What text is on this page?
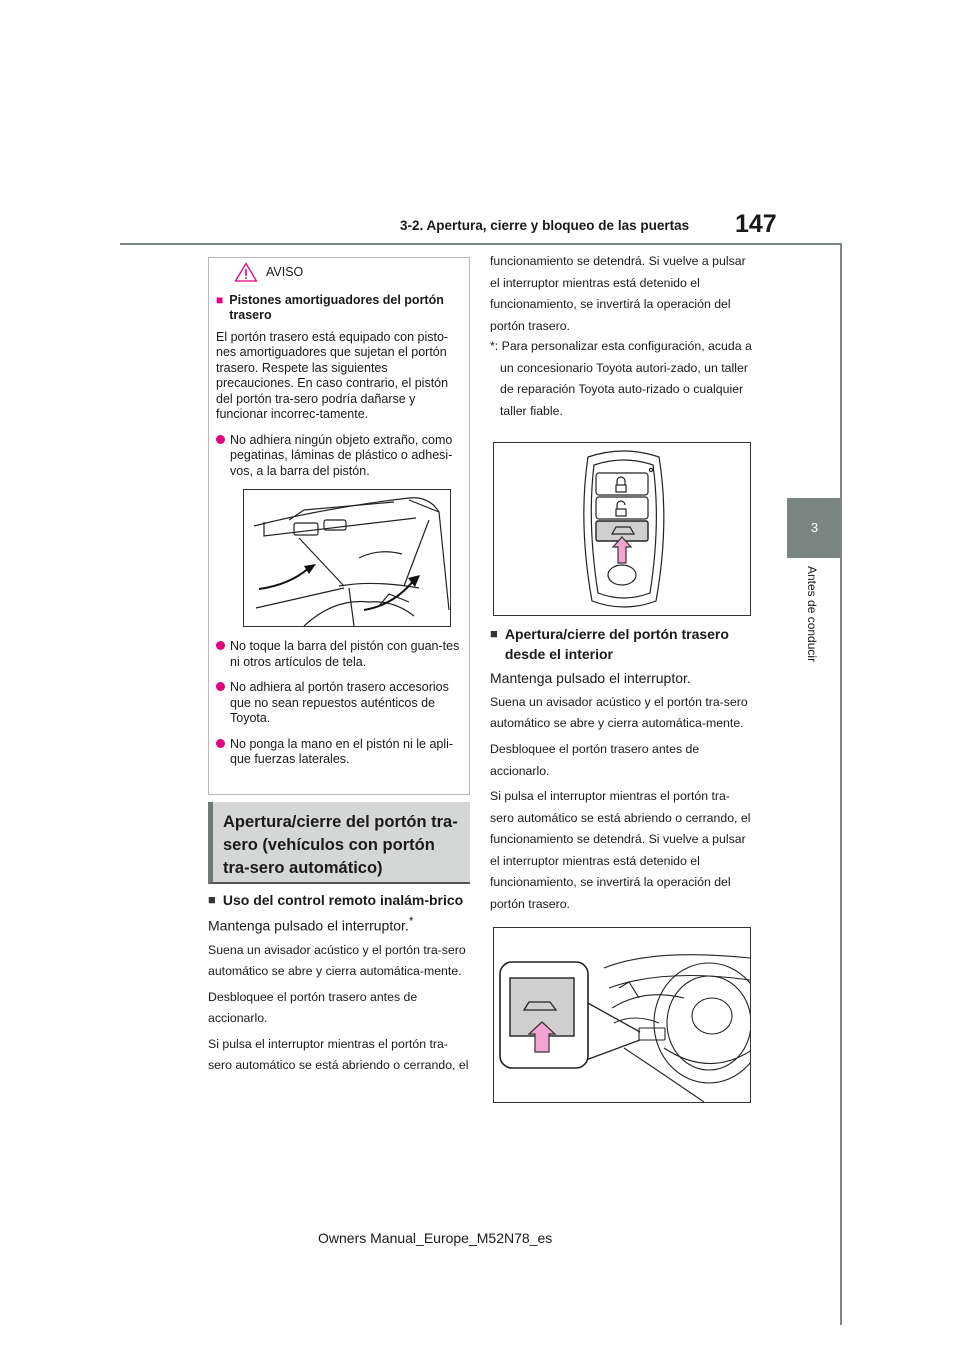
3-2. Apertura, cierre y bloqueo de las puertas 147
3
Antes de conducir
AVISO
■ Pistones amortiguadores del portón trasero

El portón trasero está equipado con pisto-nes amortiguadores que sujetan el portón trasero. Respete las siguientes precauciones. En caso contrario, el pistón del portón tra-sero podría dañarse y funcionar incorrec-tamente.

No adhiera ningún objeto extraño, como pegatinas, láminas de plástico o adhesi-vos, a la barra del pistón.
No toque la barra del pistón con guan-tes ni otros artículos de tela.
No adhiera al portón trasero accesorios que no sean repuestos auténticos de Toyota.
No ponga la mano en el pistón ni le apli-que fuerzas laterales.
Apertura/cierre del portón tra-sero (vehículos con portón tra-sero automático)
■ Uso del control remoto inalám-brico

Mantenga pulsado el interruptor.*

Suena un avisador acústico y el portón tra-sero automático se abre y cierra automática-mente.

Desbloquee el portón trasero antes de accionarlo.

Si pulsa el interruptor mientras el portón tra-sero automático se está abriendo o cerrando, el

funcionamiento se detendrá. Si vuelve a pulsar el interruptor mientras está detenido el funcionamiento, se invertirá la operación del portón trasero.

*: Para personalizar esta configuración, acuda a un concesionario Toyota autori-zado, un taller de reparación Toyota auto-rizado o cualquier taller fiable.

■ Apertura/cierre del portón trasero desde el interior

Mantenga pulsado el interruptor.

Suena un avisador acústico y el portón tra-sero automático se abre y cierra automática-mente.

Desbloquee el portón trasero antes de accionarlo.

Si pulsa el interruptor mientras el portón tra-sero automático se está abriendo o cerrando, el funcionamiento se detendrá. Si vuelve a pulsar el interruptor mientras está detenido el funcionamiento, se invertirá la operación del portón trasero.

Owners Manual_Europe_M52N78_es
